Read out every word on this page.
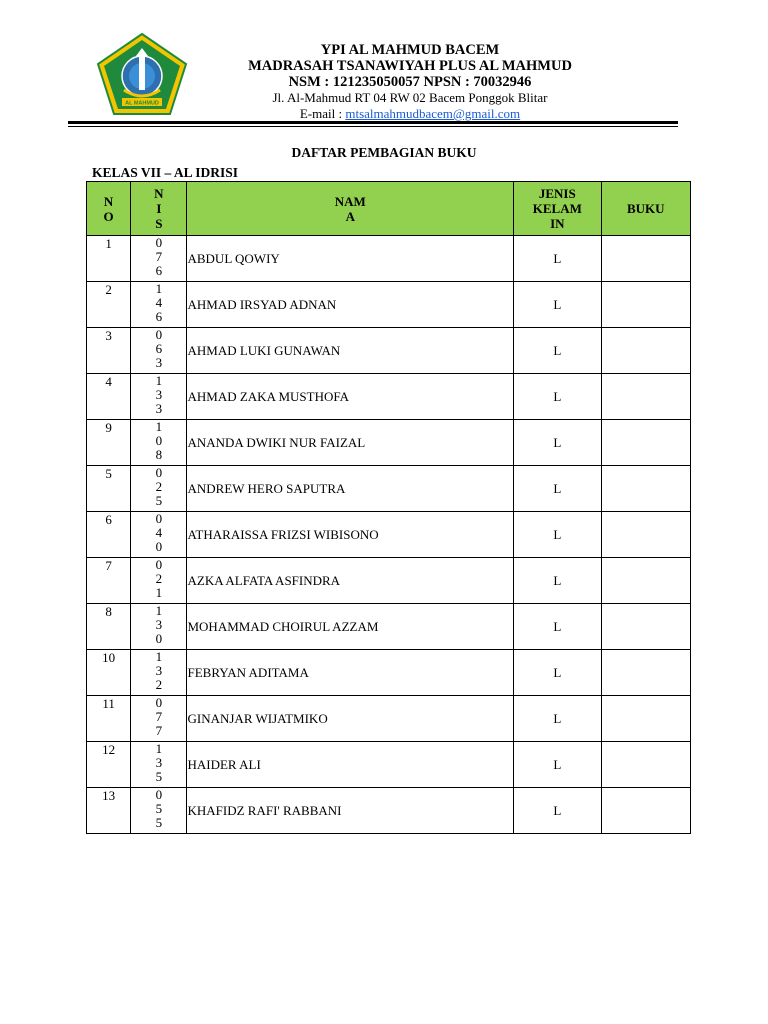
AL MAHMUD
YPI AL MAHMUD BACEM
MADRASAH TSANAWIYAH PLUS AL MAHMUD
NSM : 121235050057 NPSN : 70032946
Jl. Al-Mahmud RT 04 RW 02 Bacem Ponggok Blitar
E-mail : mtsalmahmudbacem@gmail.com
DAFTAR PEMBAGIAN BUKU
KELAS VII – AL IDRISI
N
O	N
I
S	NAM
A	JENIS
KELAM
IN	BUKU
1	0
7
6	ABDUL QOWIY	L	
2	1
4
6	AHMAD IRSYAD ADNAN	L	
3	0
6
3	AHMAD LUKI GUNAWAN	L	
4	1
3
3	AHMAD ZAKA MUSTHOFA	L	
9	1
0
8	ANANDA DWIKI NUR FAIZAL	L	
5	0
2
5	ANDREW HERO SAPUTRA	L	
6	0
4
0	ATHARAISSA FRIZSI WIBISONO	L	
7	0
2
1	AZKA ALFATA ASFINDRA	L	
8	1
3
0	MOHAMMAD CHOIRUL AZZAM	L	
10	1
3
2	FEBRYAN ADITAMA	L	
11	0
7
7	GINANJAR WIJATMIKO	L	
12	1
3
5	HAIDER ALI	L	
13	0
5
5	KHAFIDZ RAFI' RABBANI	L	
